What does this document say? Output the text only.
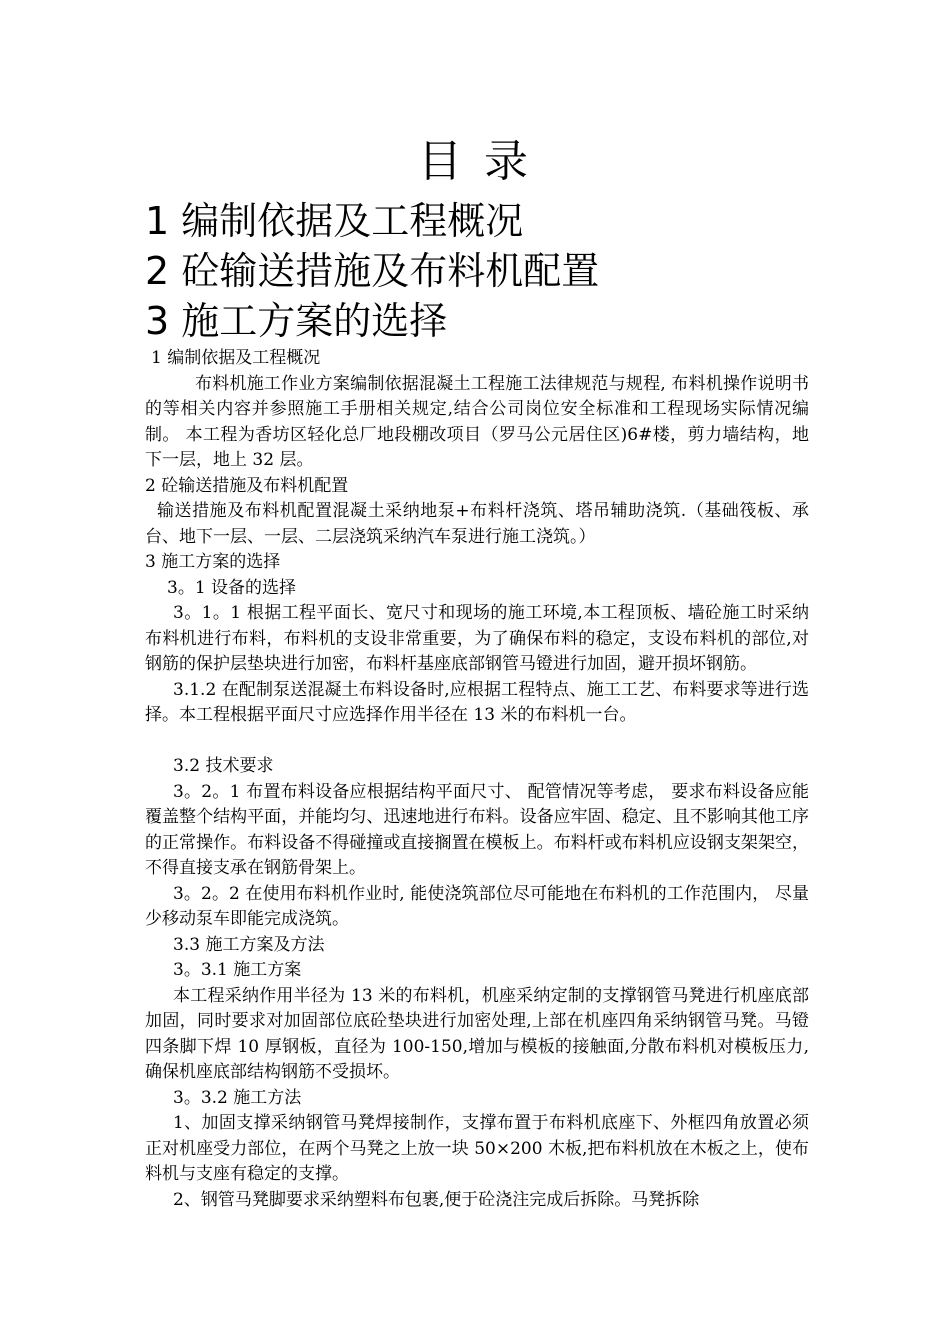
目 录
1 编制依据及工程概况
2 砼输送措施及布料机配置
3 施工方案的选择

1 编制依据及工程概况

布料机施工作业方案编制依据混凝土工程施工法律规范与规程, 布料机操作说明书的等相关内容并参照施工手册相关规定,结合公司岗位安全标准和工程现场实际情况编制。 本工程为香坊区轻化总厂地段棚改项目（罗马公元居住区)6#楼，剪力墙结构，地下一层，地上 32 层。

2 砼输送措施及布料机配置

输送措施及布料机配置混凝土采纳地泵+布料杆浇筑、塔吊辅助浇筑.（基础筏板、承台、地下一层、一层、二层浇筑采纳汽车泵进行施工浇筑。）

3 施工方案的选择

3。1 设备的选择

3。1。1 根据工程平面长、宽尺寸和现场的施工环境,本工程顶板、墙砼施工时采纳布料机进行布料，布料机的支设非常重要，为了确保布料的稳定，支设布料机的部位,对钢筋的保护层垫块进行加密，布料杆基座底部钢管马镫进行加固，避开损坏钢筋。

3.1.2 在配制泵送混凝土布料设备时,应根据工程特点、施工工艺、布料要求等进行选择。本工程根据平面尺寸应选择作用半径在 13 米的布料机一台。

3.2 技术要求

3。2。1 布置布料设备应根据结构平面尺寸、 配管情况等考虑， 要求布料设备应能覆盖整个结构平面，并能均匀、迅速地进行布料。设备应牢固、稳定、且不影响其他工序的正常操作。布料设备不得碰撞或直接搁置在模板上。布料杆或布料机应设钢支架架空， 不得直接支承在钢筋骨架上。

3。2。2 在使用布料机作业时, 能使浇筑部位尽可能地在布料机的工作范围内， 尽量少移动泵车即能完成浇筑。

3.3 施工方案及方法

3。3.1 施工方案

本工程采纳作用半径为 13 米的布料机，机座采纳定制的支撑钢管马凳进行机座底部加固，同时要求对加固部位底砼垫块进行加密处理,上部在机座四角采纳钢管马凳。马镫四条脚下焊 10 厚钢板，直径为 100-150,增加与模板的接触面,分散布料机对模板压力,确保机座底部结构钢筋不受损坏。

3。3.2 施工方法

1、加固支撑采纳钢管马凳焊接制作，支撑布置于布料机底座下、外框四角放置必须正对机座受力部位，在两个马凳之上放一块 50×200 木板,把布料机放在木板之上，使布料机与支座有稳定的支撑。

2、钢管马凳脚要求采纳塑料布包裹,便于砼浇注完成后拆除。马凳拆除
